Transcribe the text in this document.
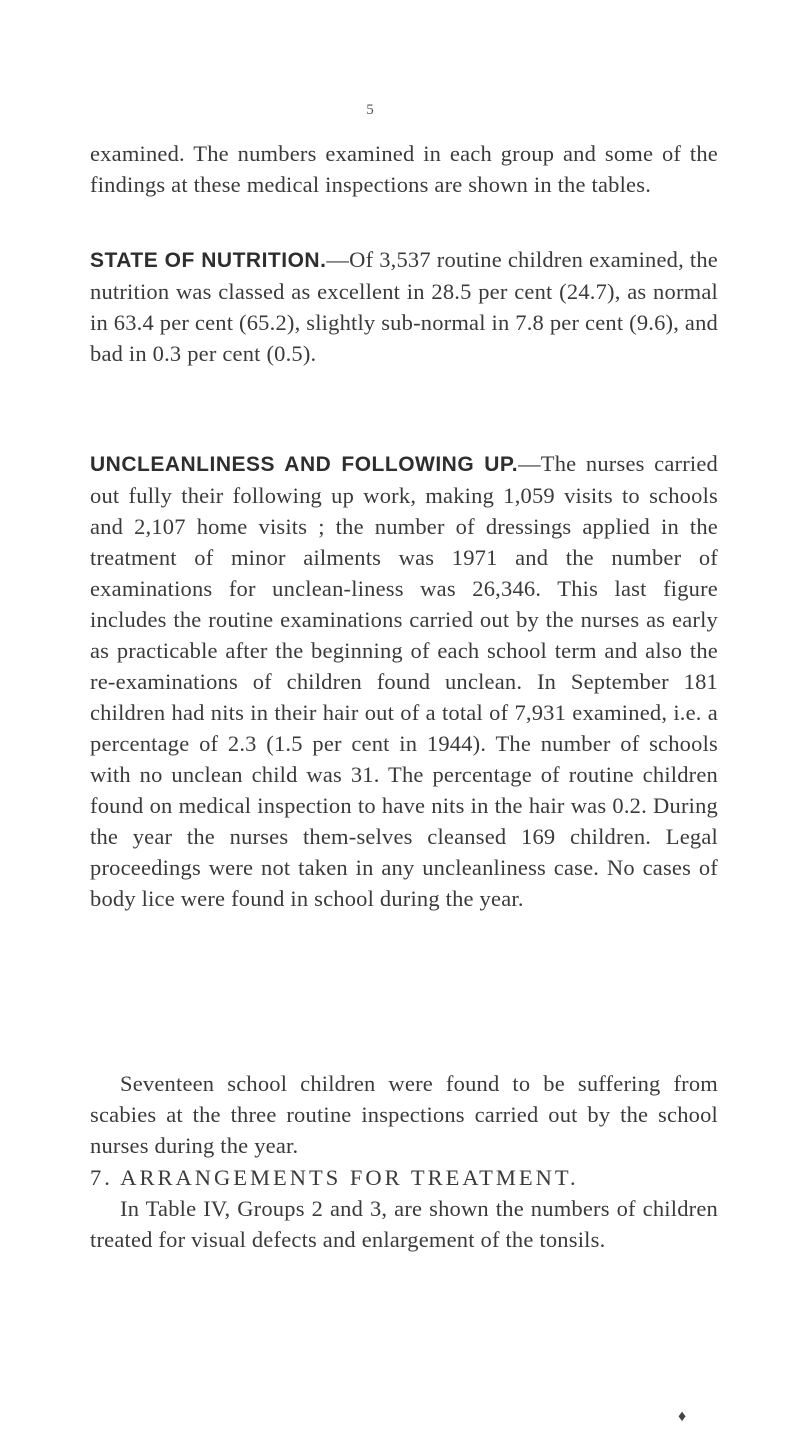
5

examined. The numbers examined in each group and some of the findings at these medical inspections are shown in the tables.

STATE OF NUTRITION.—Of 3,537 routine children examined, the nutrition was classed as excellent in 28.5 per cent (24.7), as normal in 63.4 per cent (65.2), slightly sub-normal in 7.8 per cent (9.6), and bad in 0.3 per cent (0.5).

UNCLEANLINESS AND FOLLOWING UP.—The nurses carried out fully their following up work, making 1,059 visits to schools and 2,107 home visits ; the number of dressings applied in the treatment of minor ailments was 1971 and the number of examinations for unclean-liness was 26,346. This last figure includes the routine examinations carried out by the nurses as early as practicable after the beginning of each school term and also the re-examinations of children found unclean. In September 181 children had nits in their hair out of a total of 7,931 examined, i.e. a percentage of 2.3 (1.5 per cent in 1944). The number of schools with no unclean child was 31. The percentage of routine children found on medical inspection to have nits in the hair was 0.2. During the year the nurses them-selves cleansed 169 children. Legal proceedings were not taken in any uncleanliness case. No cases of body lice were found in school during the year.

Seventeen school children were found to be suffering from scabies at the three routine inspections carried out by the school nurses during the year.

7. ARRANGEMENTS FOR TREATMENT.

In Table IV, Groups 2 and 3, are shown the numbers of children treated for visual defects and enlargement of the tonsils.

♦
